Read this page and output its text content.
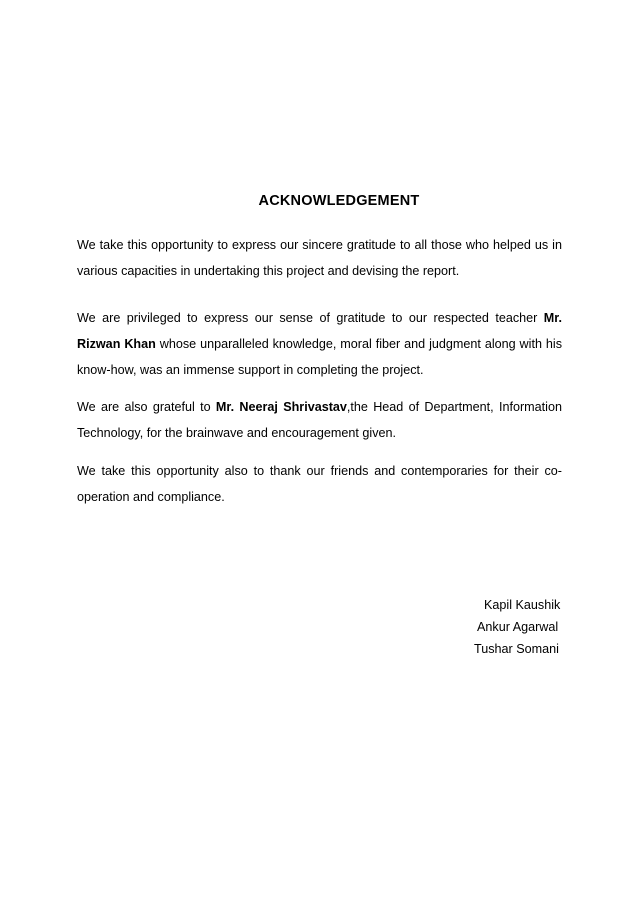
ACKNOWLEDGEMENT

We take this opportunity to express our sincere gratitude to all those who helped us in various capacities in undertaking this project and devising the report.

We are privileged to express our sense of gratitude to our respected teacher Mr. Rizwan Khan whose unparalleled knowledge, moral fiber and judgment along with his know-how, was an immense support in completing the project.

We are also grateful to Mr. Neeraj Shrivastav,the Head of Department, Information Technology, for the brainwave and encouragement given.

We take this opportunity also to thank our friends and contemporaries for their co-operation and compliance.

Kapil Kaushik

Ankur Agarwal

Tushar Somani
